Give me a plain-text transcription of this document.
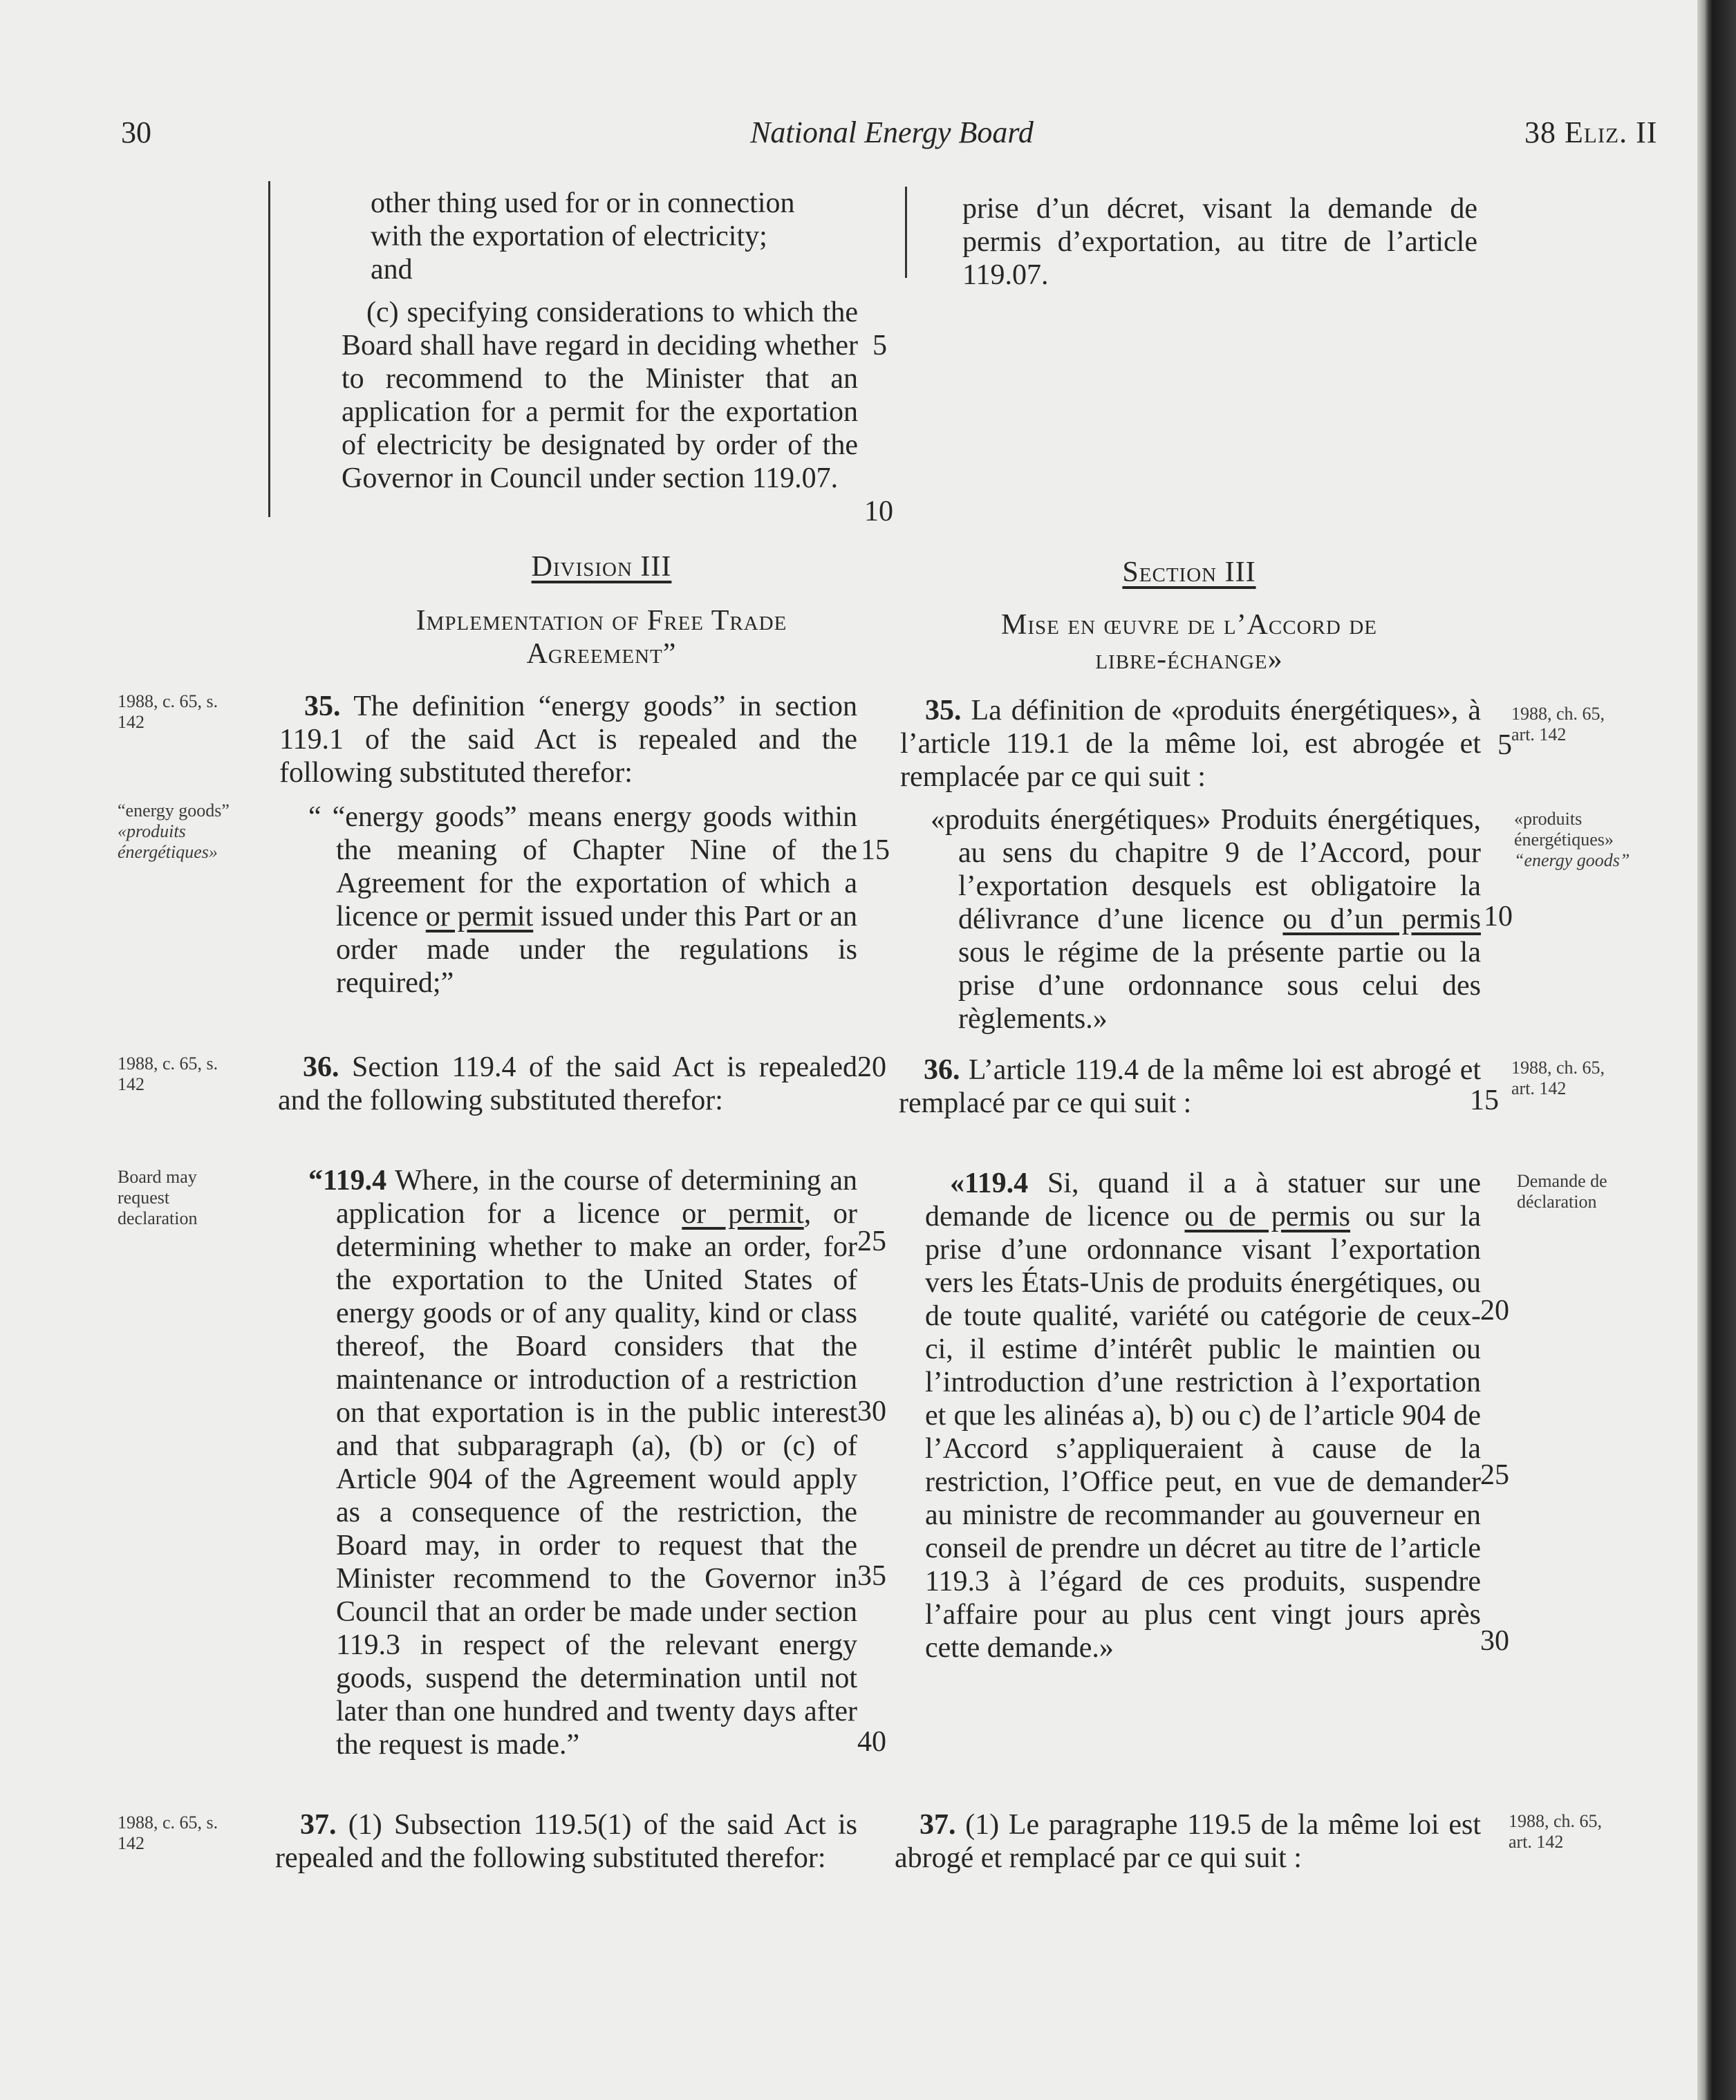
30	National Energy Board	38 Eliz. II

other thing used for or in connection

with the exportation of electricity;

and

(c) specifying considerations to which the Board shall have regard in deciding whether to recommend to the Minister that an application for a permit for the exportation of electricity be designated by order of the Governor in Council under section 119.07.

prise d’un décret, visant la demande de permis d’exportation, au titre de l’article 119.07.

5
10
15
20
25
30
35
40
5
10
15
20
25
30
Division III
Implementation of Free Trade
Agreement”
Section III
Mise en œuvre de l’Accord de
libre-échange»
1988, c. 65, s. 142
“energy goods”
«produits énergétiques»
1988, c. 65, s. 142
Board may request declaration
1988, c. 65, s. 142
1988, ch. 65, art. 142
«produits énergétiques»
“energy goods”
1988, ch. 65, art. 142
Demande de déclaration
1988, ch. 65, art. 142

35. The definition “energy goods” in section 119.1 of the said Act is repealed and the following substituted therefor:

“ “energy goods” means energy goods within the meaning of Chapter Nine of the Agreement for the exportation of which a licence or permit issued under this Part or an order made under the regulations is required;”

35. La définition de «produits énergétiques», à l’article 119.1 de la même loi, est abrogée et remplacée par ce qui suit :

«produits énergétiques» Produits énergétiques, au sens du chapitre 9 de l’Accord, pour l’exportation desquels est obligatoire la délivrance d’une licence ou d’un permis sous le régime de la présente partie ou la prise d’une ordonnance sous celui des règlements.»

36. Section 119.4 of the said Act is repealed and the following substituted therefor:

“119.4 Where, in the course of determining an application for a licence or permit, or determining whether to make an order, for the exportation to the United States of energy goods or of any quality, kind or class thereof, the Board considers that the maintenance or introduction of a restriction on that exportation is in the public interest and that subparagraph (a), (b) or (c) of Article 904 of the Agreement would apply as a consequence of the restriction, the Board may, in order to request that the Minister recommend to the Governor in Council that an order be made under section 119.3 in respect of the relevant energy goods, suspend the determination until not later than one hundred and twenty days after the request is made.”

36. L’article 119.4 de la même loi est abrogé et remplacé par ce qui suit :

«119.4 Si, quand il a à statuer sur une demande de licence ou de permis ou sur la prise d’une ordonnance visant l’exportation vers les États-Unis de produits énergétiques, ou de toute qualité, variété ou catégorie de ceux-ci, il estime d’intérêt public le maintien ou l’introduction d’une restriction à l’exportation et que les alinéas a), b) ou c) de l’article 904 de l’Accord s’appliqueraient à cause de la restriction, l’Office peut, en vue de demander au ministre de recommander au gouverneur en conseil de prendre un décret au titre de l’article 119.3 à l’égard de ces produits, suspendre l’affaire pour au plus cent vingt jours après cette demande.»

37. (1) Subsection 119.5(1) of the said Act is repealed and the following substituted therefor:

37. (1) Le paragraphe 119.5 de la même loi est abrogé et remplacé par ce qui suit :
